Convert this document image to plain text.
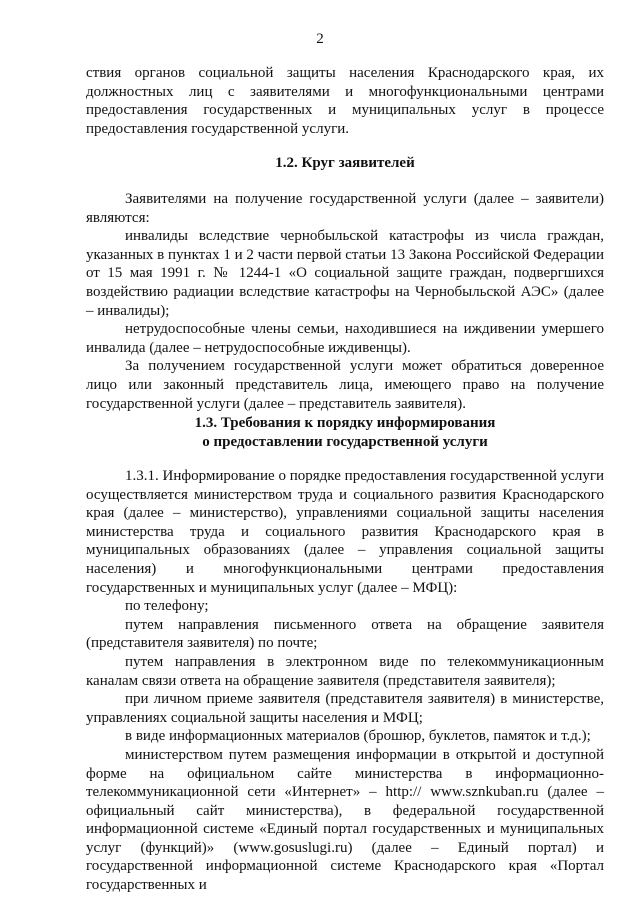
2

ствия органов социальной защиты населения Краснодарского края, их должностных лиц с заявителями и многофункциональными центрами предоставления государственных и муниципальных услуг в процессе предоставления государственной услуги.

1.2. Круг заявителей

Заявителями на получение государственной услуги (далее – заявители) являются:

инвалиды вследствие чернобыльской катастрофы из числа граждан, указанных в пунктах 1 и 2 части первой статьи 13 Закона Российской Федерации от 15 мая 1991 г. № 1244-1 «О социальной защите граждан, подвергшихся воздействию радиации вследствие катастрофы на Чернобыльской АЭС» (далее – инвалиды);

нетрудоспособные члены семьи, находившиеся на иждивении умершего инвалида (далее – нетрудоспособные иждивенцы).

За получением государственной услуги может обратиться доверенное лицо или законный представитель лица, имеющего право на получение государственной услуги (далее – представитель заявителя).

1.3. Требования к порядку информирования
о предоставлении государственной услуги

1.3.1. Информирование о порядке предоставления государственной услуги осуществляется министерством труда и социального развития Краснодарского края (далее – министерство), управлениями социальной защиты населения министерства труда и социального развития Краснодарского края в муниципальных образованиях (далее – управления социальной защиты населения) и многофункциональными центрами предоставления государственных и муниципальных услуг (далее – МФЦ):

по телефону;

путем направления письменного ответа на обращение заявителя (представителя заявителя) по почте;

путем направления в электронном виде по телекоммуникационным каналам связи ответа на обращение заявителя (представителя заявителя);

при личном приеме заявителя (представителя заявителя) в министерстве, управлениях социальной защиты населения и МФЦ;

в виде информационных материалов (брошюр, буклетов, памяток и т.д.);

министерством путем размещения информации в открытой и доступной форме на официальном сайте министерства в информационно-телекоммуникационной сети «Интернет» – http:// www.sznkuban.ru (далее – официальный сайт министерства), в федеральной государственной информационной системе «Единый портал государственных и муниципальных услуг (функций)» (www.gosuslugi.ru) (далее – Единый портал) и государственной информационной системе Краснодарского края «Портал государственных и
